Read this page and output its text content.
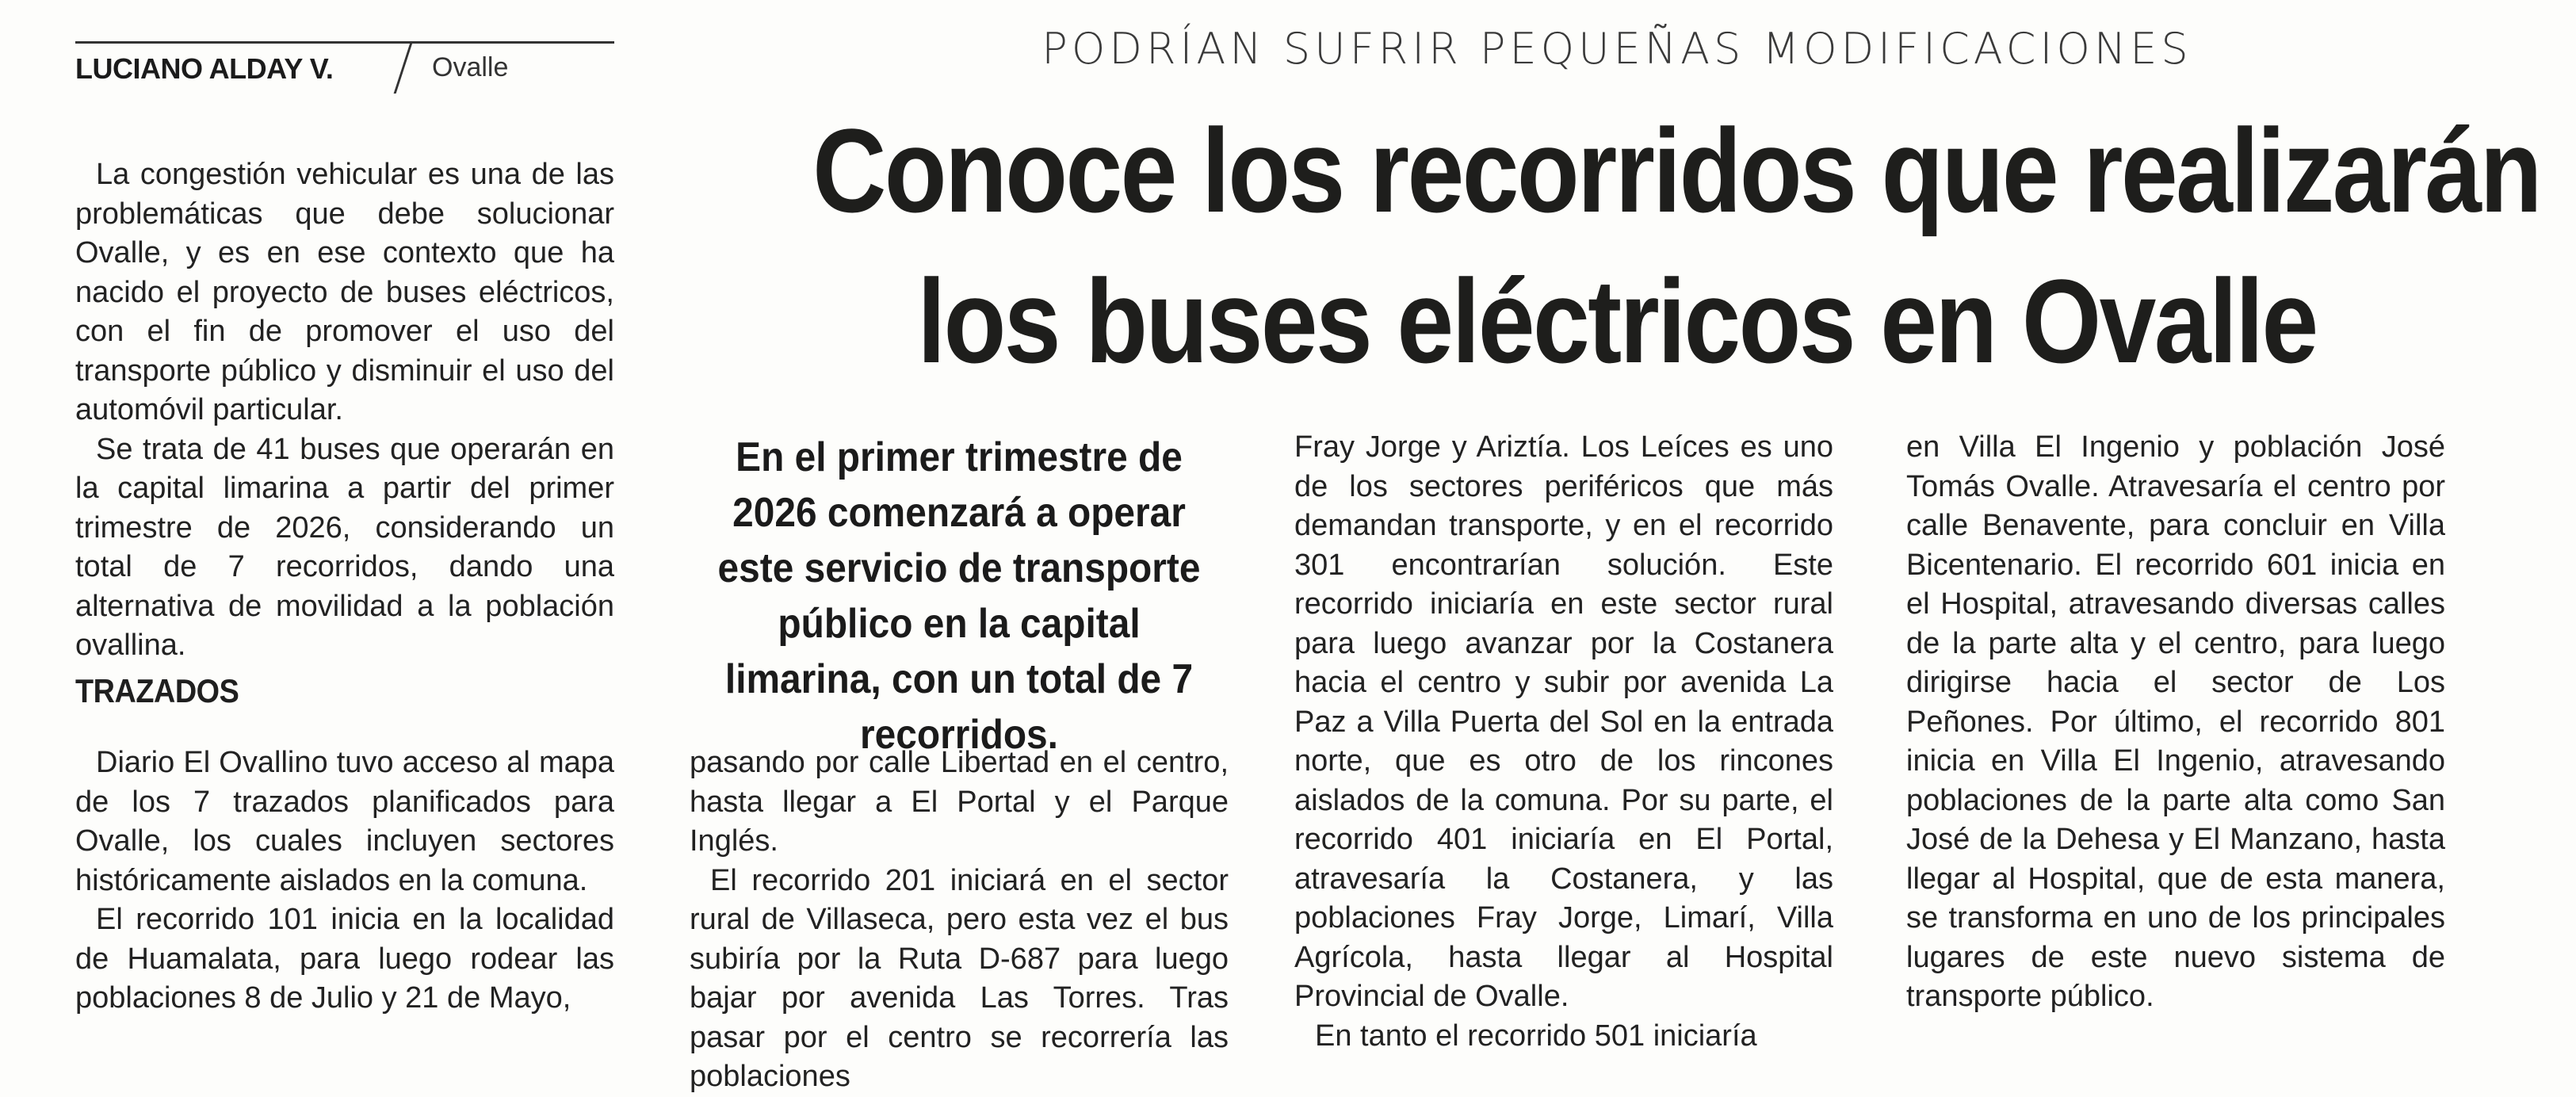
LUCIANO ALDAY V.	Ovalle	PODRÍAN SUFRIR PEQUEÑAS MODIFICACIONES
Conoce los recorridos que realizarán
los buses eléctricos en Ovalle

La congestión vehicular es una de las problemáticas que debe solucionar Ovalle, y es en ese contexto que ha nacido el proyecto de buses eléctricos, con el fin de promover el uso del transporte público y disminuir el uso del automóvil particular.

Se trata de 41 buses que operarán en la capital limarina a partir del primer trimestre de 2026, considerando un total de 7 recorridos, dando una alternativa de movilidad a la población ovallina.

TRAZADOS

Diario El Ovallino tuvo acceso al mapa de los 7 trazados planificados para Ovalle, los cuales incluyen sectores históricamente aislados en la comuna.

El recorrido 101 inicia en la localidad de Huamalata, para luego rodear las poblaciones 8 de Julio y 21 de Mayo,

En el primer trimestre de 2026 comenzará a operar este servicio de transporte público en la capital limarina, con un total de 7 recorridos.

pasando por calle Libertad en el centro, hasta llegar a El Portal y el Parque Inglés.

El recorrido 201 iniciará en el sector rural de Villaseca, pero esta vez el bus subiría por la Ruta D-687 para luego bajar por avenida Las Torres. Tras pasar por el centro se recorrería las poblaciones

Fray Jorge y Ariztía. Los Leíces es uno de los sectores periféricos que más demandan transporte, y en el recorrido 301 encontrarían solución. Este recorrido iniciaría en este sector rural para luego avanzar por la Costanera hacia el centro y subir por avenida La Paz a Villa Puerta del Sol en la entrada norte, que es otro de los rincones aislados de la comuna. Por su parte, el recorrido 401 iniciaría en El Portal, atravesaría la Costanera, y las poblaciones Fray Jorge, Limarí, Villa Agrícola, hasta llegar al Hospital Provincial de Ovalle.

En tanto el recorrido 501 iniciaría

en Villa El Ingenio y población José Tomás Ovalle. Atravesaría el centro por calle Benavente, para concluir en Villa Bicentenario. El recorrido 601 inicia en el Hospital, atravesando diversas calles de la parte alta y el centro, para luego dirigirse hacia el sector de Los Peñones. Por último, el recorrido 801 inicia en Villa El Ingenio, atravesando poblaciones de la parte alta como San José de la Dehesa y El Manzano, hasta llegar al Hospital, que de esta manera, se transforma en uno de los principales lugares de este nuevo sistema de transporte público.
